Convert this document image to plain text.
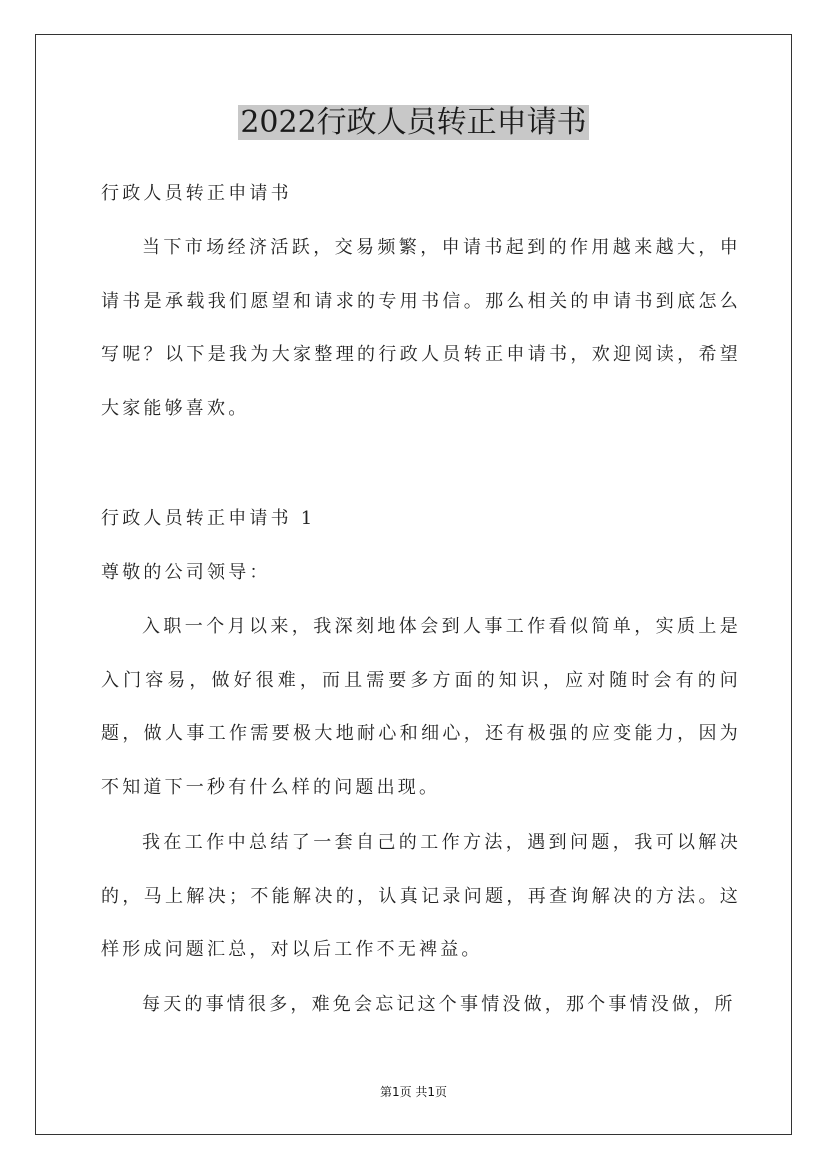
2022行政人员转正申请书

行政人员转正申请书

当下市场经济活跃，交易频繁，申请书起到的作用越来越大，申请书是承载我们愿望和请求的专用书信。那么相关的申请书到底怎么写呢？以下是我为大家整理的行政人员转正申请书，欢迎阅读，希望大家能够喜欢。

行政人员转正申请书 1

尊敬的公司领导：

入职一个月以来，我深刻地体会到人事工作看似简单，实质上是入门容易，做好很难，而且需要多方面的知识，应对随时会有的问题，做人事工作需要极大地耐心和细心，还有极强的应变能力，因为不知道下一秒有什么样的问题出现。

我在工作中总结了一套自己的工作方法，遇到问题，我可以解决的，马上解决；不能解决的，认真记录问题，再查询解决的方法。这样形成问题汇总，对以后工作不无裨益。

每天的事情很多，难免会忘记这个事情没做，那个事情没做，所

第1页 共1页
